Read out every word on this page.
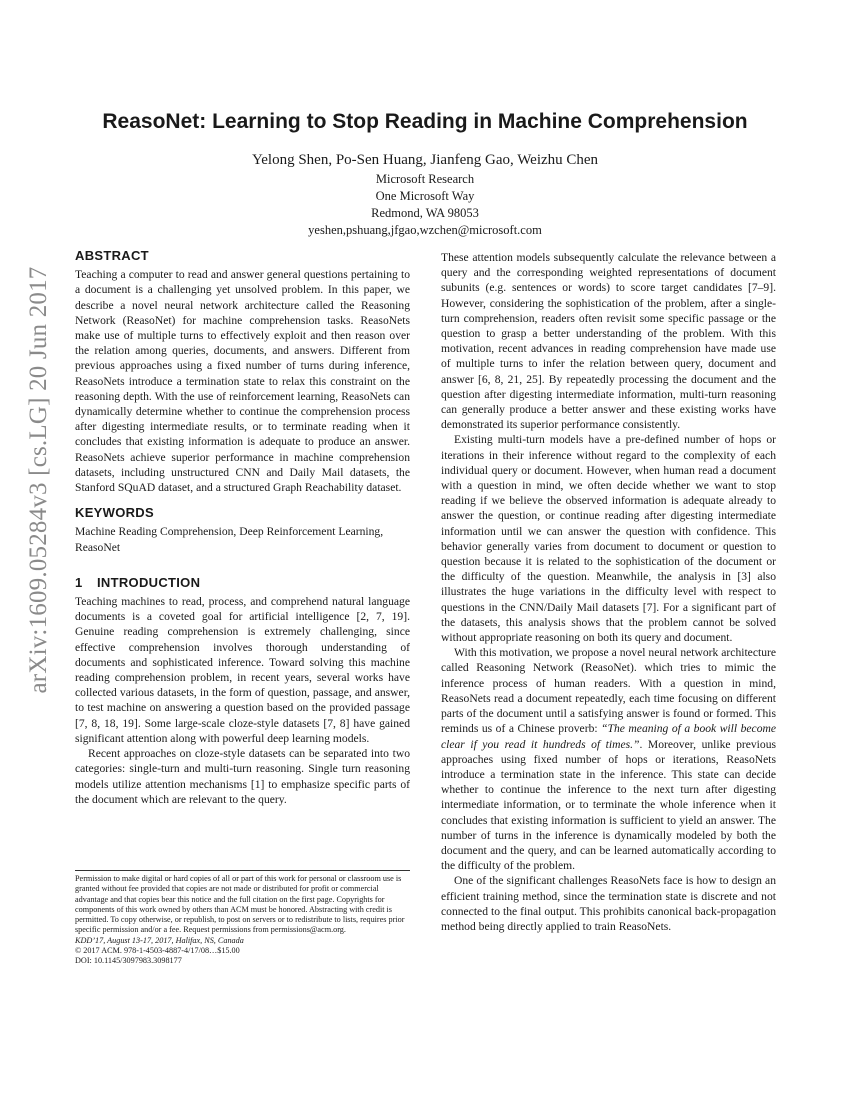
arXiv:1609.05284v3 [cs.LG] 20 Jun 2017
ReasoNet: Learning to Stop Reading in Machine Comprehension
Yelong Shen, Po-Sen Huang, Jianfeng Gao, Weizhu Chen
Microsoft Research
One Microsoft Way
Redmond, WA 98053
yeshen,pshuang,jfgao,wzchen@microsoft.com
ABSTRACT

Teaching a computer to read and answer general questions pertaining to a document is a challenging yet unsolved problem. In this paper, we describe a novel neural network architecture called the Reasoning Network (ReasoNet) for machine comprehension tasks. ReasoNets make use of multiple turns to effectively exploit and then reason over the relation among queries, documents, and answers. Different from previous approaches using a fixed number of turns during inference, ReasoNets introduce a termination state to relax this constraint on the reasoning depth. With the use of reinforcement learning, ReasoNets can dynamically determine whether to continue the comprehension process after digesting intermediate results, or to terminate reading when it concludes that existing information is adequate to produce an answer. ReasoNets achieve superior performance in machine comprehension datasets, including unstructured CNN and Daily Mail datasets, the Stanford SQuAD dataset, and a structured Graph Reachability dataset.

KEYWORDS

Machine Reading Comprehension, Deep Reinforcement Learning, ReasoNet

1 INTRODUCTION

Teaching machines to read, process, and comprehend natural language documents is a coveted goal for artificial intelligence [2, 7, 19]. Genuine reading comprehension is extremely challenging, since effective comprehension involves thorough understanding of documents and sophisticated inference. Toward solving this machine reading comprehension problem, in recent years, several works have collected various datasets, in the form of question, passage, and answer, to test machine on answering a question based on the provided passage [7, 8, 18, 19]. Some large-scale cloze-style datasets [7, 8] have gained significant attention along with powerful deep learning models.

Recent approaches on cloze-style datasets can be separated into two categories: single-turn and multi-turn reasoning. Single turn reasoning models utilize attention mechanisms [1] to emphasize specific parts of the document which are relevant to the query.

Permission to make digital or hard copies of all or part of this work for personal or classroom use is granted without fee provided that copies are not made or distributed for profit or commercial advantage and that copies bear this notice and the full citation on the first page. Copyrights for components of this work owned by others than ACM must be honored. Abstracting with credit is permitted. To copy otherwise, or republish, to post on servers or to redistribute to lists, requires prior specific permission and/or a fee. Request permissions from permissions@acm.org.

KDD’17, August 13-17, 2017, Halifax, NS, Canada

© 2017 ACM. 978-1-4503-4887-4/17/08…$15.00

DOI: 10.1145/3097983.3098177

These attention models subsequently calculate the relevance between a query and the corresponding weighted representations of document subunits (e.g. sentences or words) to score target candidates [7–9]. However, considering the sophistication of the problem, after a single-turn comprehension, readers often revisit some specific passage or the question to grasp a better understanding of the problem. With this motivation, recent advances in reading comprehension have made use of multiple turns to infer the relation between query, document and answer [6, 8, 21, 25]. By repeatedly processing the document and the question after digesting intermediate information, multi-turn reasoning can generally produce a better answer and these existing works have demonstrated its superior performance consistently.

Existing multi-turn models have a pre-defined number of hops or iterations in their inference without regard to the complexity of each individual query or document. However, when human read a document with a question in mind, we often decide whether we want to stop reading if we believe the observed information is adequate already to answer the question, or continue reading after digesting intermediate information until we can answer the question with confidence. This behavior generally varies from document to document or question to question because it is related to the sophistication of the document or the difficulty of the question. Meanwhile, the analysis in [3] also illustrates the huge variations in the difficulty level with respect to questions in the CNN/Daily Mail datasets [7]. For a significant part of the datasets, this analysis shows that the problem cannot be solved without appropriate reasoning on both its query and document.

With this motivation, we propose a novel neural network architecture called Reasoning Network (ReasoNet). which tries to mimic the inference process of human readers. With a question in mind, ReasoNets read a document repeatedly, each time focusing on different parts of the document until a satisfying answer is found or formed. This reminds us of a Chinese proverb: “The meaning of a book will become clear if you read it hundreds of times.”. Moreover, unlike previous approaches using fixed number of hops or iterations, ReasoNets introduce a termination state in the inference. This state can decide whether to continue the inference to the next turn after digesting intermediate information, or to terminate the whole inference when it concludes that existing information is sufficient to yield an answer. The number of turns in the inference is dynamically modeled by both the document and the query, and can be learned automatically according to the difficulty of the problem.

One of the significant challenges ReasoNets face is how to design an efficient training method, since the termination state is discrete and not connected to the final output. This prohibits canonical back-propagation method being directly applied to train ReasoNets.
